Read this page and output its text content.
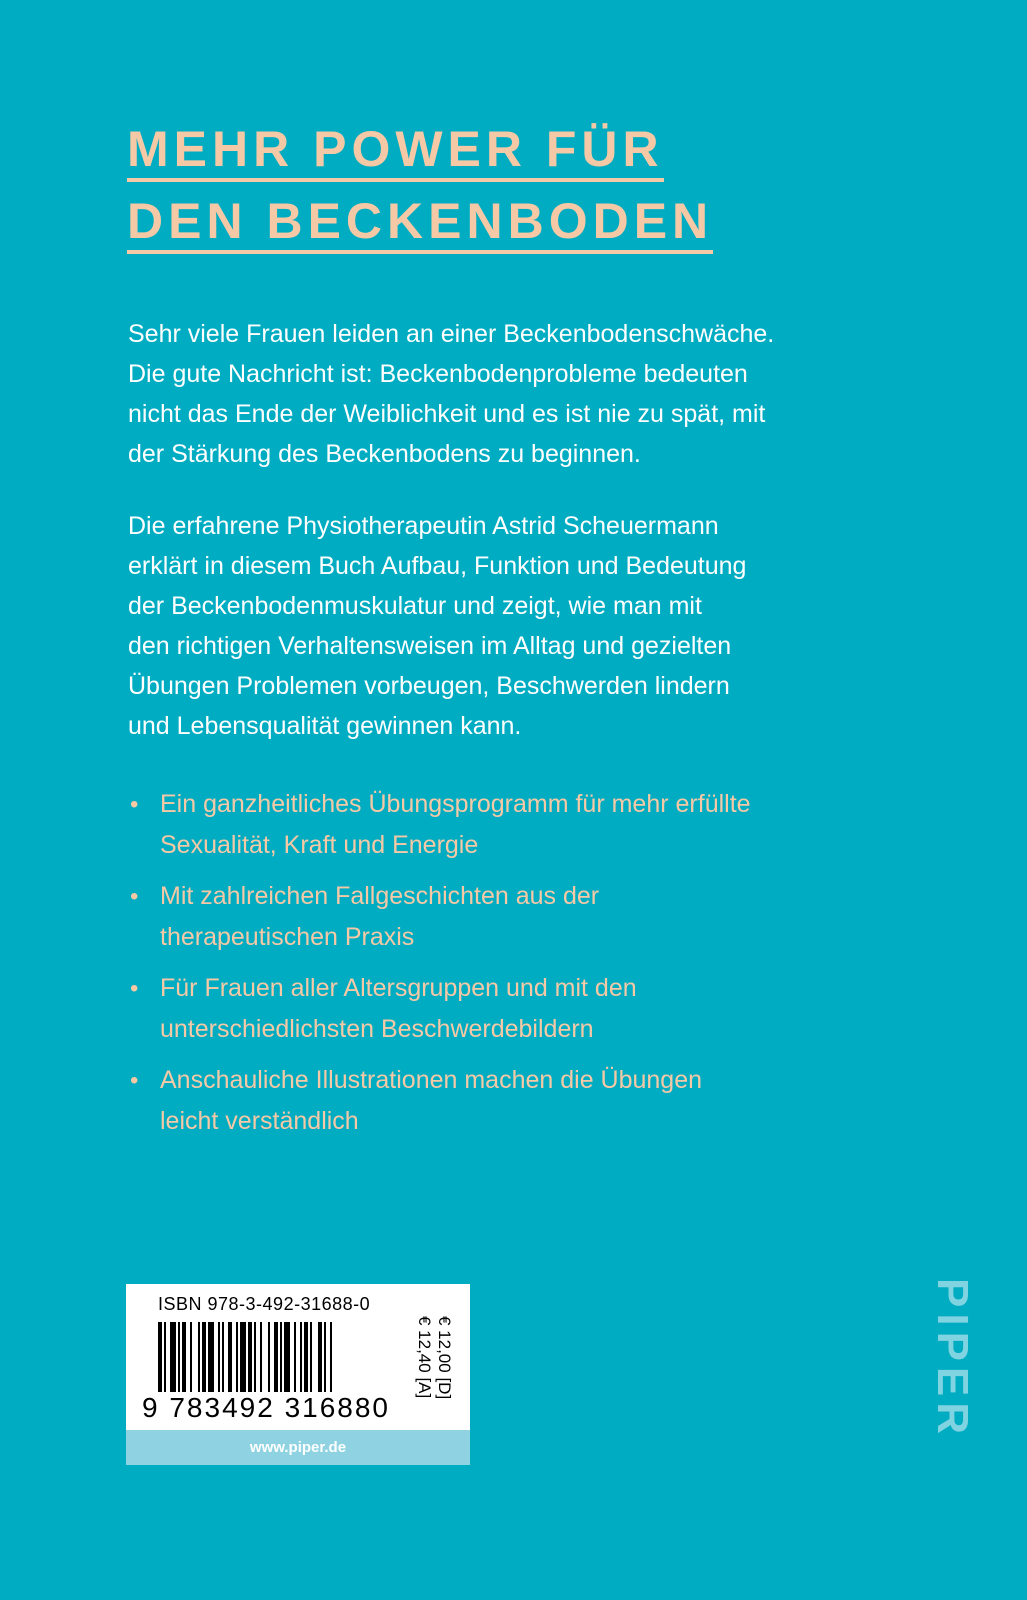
MEHR POWER FÜR
DEN BECKENBODEN

Sehr viele Frauen leiden an einer Beckenbodenschwäche.
Die gute Nachricht ist: Beckenbodenprobleme bedeuten
nicht das Ende der Weiblichkeit und es ist nie zu spät, mit
der Stärkung des Beckenbodens zu beginnen.

Die erfahrene Physiotherapeutin Astrid Scheuermann
erklärt in diesem Buch Aufbau, Funktion und Bedeutung
der Beckenbodenmuskulatur und zeigt, wie man mit
den richtigen Verhaltensweisen im Alltag und gezielten
Übungen Problemen vorbeugen, Beschwerden lindern
und Lebensqualität gewinnen kann.

• Ein ganzheitliches Übungsprogramm für mehr erfüllte
Sexualität, Kraft und Energie
• Mit zahlreichen Fallgeschichten aus der
therapeutischen Praxis
• Für Frauen aller Altersgruppen und mit den
unterschiedlichsten Beschwerdebildern
• Anschauliche Illustrationen machen die Übungen
leicht verständlich

ISBN 978-3-492-31688-0

9 783492 316880

€ 12,00 [D]
€ 12,40 [A]
www.piper.de
PIPER
